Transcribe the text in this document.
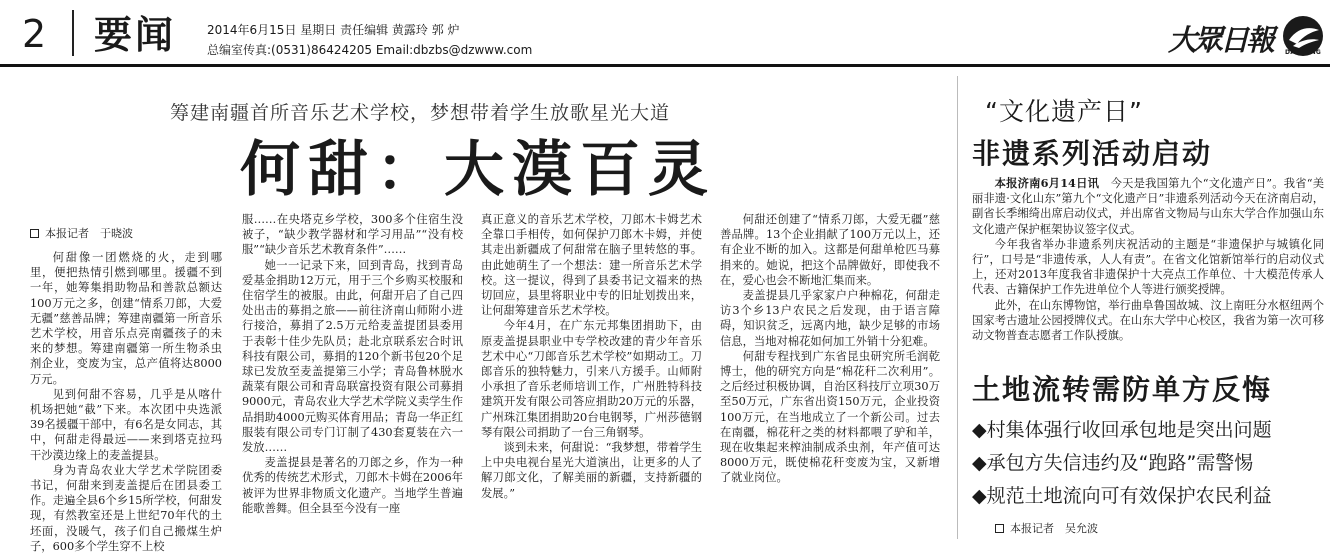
2 要闻	2014年6月15日 星期日 责任编辑 黄露玲 郭 炉
总编室传真:(0531)86424205 Email:dbzbs@dzwww.com	大眾日報 DAZHONG
筹建南疆首所音乐艺术学校，梦想带着学生放歌星光大道
何甜：大漠百灵
本报记者　于晓波

何甜像一团燃烧的火，走到哪里，便把热情引燃到哪里。援疆不到一年，她筹集捐助物品和善款总额达100万元之多，创建“情系刀郎，大爱无疆”慈善品牌；筹建南疆第一所音乐艺术学校，用音乐点亮南疆孩子的未来的梦想。筹建南疆第一所生物杀虫剂企业，变废为宝，总产值将达8000万元。

见到何甜不容易，几乎是从喀什机场把她“截”下来。本次团中央选派39名援疆干部中，有6名是女同志，其中，何甜走得最远——来到塔克拉玛干沙漠边缘上的麦盖提县。

身为青岛农业大学艺术学院团委书记，何甜来到麦盖提后在团县委工作。走遍全县6个乡15所学校，何甜发现，有然教室还是上世纪70年代的土坯面，没暖气，孩子们自己搬煤生炉子，600多个学生穿不上校

服……在央塔克乡学校，300多个住宿生没被子，“缺少教学器材和学习用品”“没有校服”“缺少音乐艺术教育条件”……

她一一记录下来，回到青岛，找到青岛爱基金捐助12万元，用于三个乡购买校服和住宿学生的被服。由此，何甜开启了自己四处出击的募捐之旅——前往济南山师附小进行接洽，募捐了2.5万元给麦盖提团县委用于表彰十佳少先队员；赴北京联系宏合时讯科技有限公司，募捐的120个新书包20个足球已发放至麦盖提第三小学；青岛鲁林脱水蔬菜有限公司和青岛联富投资有限公司募捐9000元，青岛农业大学艺术学院义卖学生作品捐助4000元购买体育用品；青岛一华正红服装有限公司专门订制了430套夏装在六一发放……

麦盖提县是著名的刀郎之乡，作为一种优秀的传统艺术形式，刀郎木卡姆在2006年被评为世界非物质文化遗产。当地学生普遍能歌善舞。但全县至今没有一座

真正意义的音乐艺术学校，刀郎木卡姆艺术全靠口手相传，如何保护刀郎木卡姆，并使其走出新疆成了何甜常在脑子里转悠的事。由此她萌生了一个想法：建一所音乐艺术学校。这一提议，得到了县委书记文福来的热切回应，县里将职业中专的旧址划拨出来，让何甜筹建音乐艺术学校。

今年4月，在广东元邦集团捐助下，由原麦盖提县职业中专学校改建的青少年音乐艺术中心“刀郎音乐艺术学校”如期动工。刀郎音乐的独特魅力，引来八方援手。山师附小承担了音乐老师培训工作，广州胜特科技建筑开发有限公司答应捐助20万元的乐器，广州珠江集团捐助20台电钢琴，广州莎德钢琴有限公司捐助了一台三角钢琴。

谈到未来，何甜说：“我梦想，带着学生上中央电视台星光大道演出，让更多的人了解刀郎文化，了解美丽的新疆，支持新疆的发展。”

何甜还创建了“情系刀郎，大爱无疆”慈善品牌。13个企业捐献了100万元以上，还有企业不断的加入。这都是何甜单枪匹马募捐来的。她说，把这个品牌做好，即使我不在，爱心也会不断地汇集而来。

麦盖提县几乎家家户户种棉花，何甜走访3个乡13户农民之后发现，由于语言障碍，知识贫乏，远离内地，缺少足够的市场信息，当地对棉花如何加工外销十分犯难。

何甜专程找到广东省昆虫研究所毛润乾博士，他的研究方向是“棉花秆二次利用”。之后经过积极协调，自治区科技厅立项30万至50万元，广东省出资150万元，企业投资100万元，在当地成立了一个新公司。过去在南疆，棉花秆之类的材料都喂了驴和羊，现在收集起来榨油制成杀虫剂，年产值可达8000万元，既使棉花秆变废为宝，又新增了就业岗位。

“文化遗产日”
非遗系列活动启动

本报济南6月14日讯　 今天是我国第九个“文化遗产日”。我省“美丽非遗·文化山东”第九个“文化遗产日”非遗系列活动今天在济南启动，副省长季缃绮出席启动仪式，并出席省文物局与山东大学合作加强山东文化遗产保护框架协议签字仪式。

今年我省举办非遗系列庆祝活动的主题是“非遗保护与城镇化同行”，口号是“非遗传承，人人有责”。在省文化馆新馆举行的启动仪式上，还对2013年度我省非遗保护十大亮点工作单位、十大模范传承人代表、古籍保护工作先进单位个人等进行颁奖授牌。

此外，在山东博物馆，举行曲阜鲁国故城、汶上南旺分水枢纽两个国家考古遗址公园授牌仪式。在山东大学中心校区，我省为第一次可移动文物普查志愿者工作队授旗。

土地流转需防单方反悔
◆村集体强行收回承包地是突出问题
◆承包方失信违约及“跑路”需警惕
◆规范土地流向可有效保护农民利益
本报记者　吴允波
